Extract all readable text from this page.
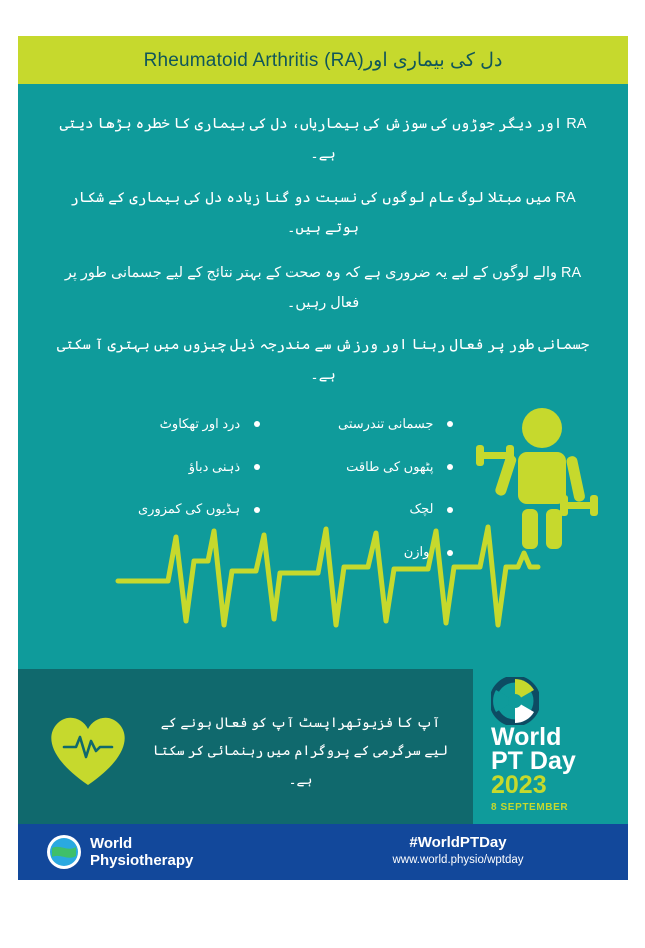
دل کی بیماری اورRheumatoid Arthritis (RA)

RA اور دیگر جوڑوں کی سوزش کی بیماریاں، دل کی بیماری کا خطرہ بڑھا دیتی ہے۔

RA میں مبتلا لوگ عام لوگوں کی نسبت دو گنا زیادہ دل کی بیماری کے شکار ہوتے ہیں۔

RA والے لوگوں کے لیے یہ ضروری ہے کہ وہ صحت کے بہتر نتائج کے لیے جسمانی طور پر فعال رہیں۔

جسمانی طور پر فعال رہنا اور ورزش سے مندرجہ ذیل چیزوں میں بہتری آ سکتی ہے۔

جسمانی تندرستی
پٹھوں کی طاقت
لچک
توازن
درد اور تھکاوٹ
ذہنی دباؤ
ہڈیوں کی کمزوری
آپ کا فزیوتھراپسٹ آپ کو فعال ہونے کے لیے سرگرمی کے پروگرام میں رہنمائی کر سکتا ہے۔
World
PT Day
2023
8 SEPTEMBER
World
Physiotherapy
#WorldPTDay
www.world.physio/wptday
